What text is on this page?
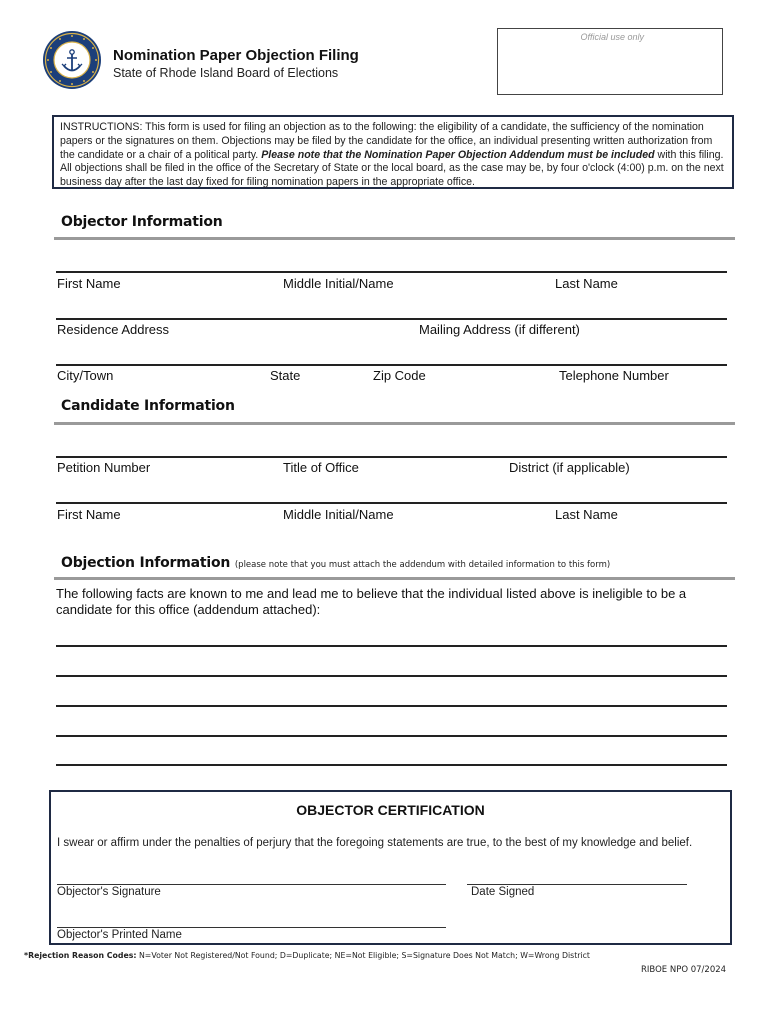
Nomination Paper Objection Filing
State of Rhode Island Board of Elections
Official use only
INSTRUCTIONS: This form is used for filing an objection as to the following: the eligibility of a candidate, the sufficiency of the nomination papers or the signatures on them. Objections may be filed by the candidate for the office, an individual presenting written authorization from the candidate or a chair of a political party. Please note that the Nomination Paper Objection Addendum must be included with this filing. All objections shall be filed in the office of the Secretary of State or the local board, as the case may be, by four o'clock (4:00) p.m. on the next business day after the last day fixed for filing nomination papers in the appropriate office.
Objector Information
First Name	Middle Initial/Name	Last Name
Residence Address	Mailing Address (if different)
City/Town	State	Zip Code	Telephone Number
Candidate Information
Petition Number	Title of Office	District (if applicable)
First Name	Middle Initial/Name	Last Name
Objection Information (please note that you must attach the addendum with detailed information to this form)
The following facts are known to me and lead me to believe that the individual listed above is ineligible to be a candidate for this office (addendum attached):
OBJECTOR CERTIFICATION
I swear or affirm under the penalties of perjury that the foregoing statements are true, to the best of my knowledge and belief.
Objector's Signature	Date Signed
Objector's Printed Name
*Rejection Reason Codes: N=Voter Not Registered/Not Found; D=Duplicate; NE=Not Eligible; S=Signature Does Not Match; W=Wrong District
RIBOE NPO 07/2024
